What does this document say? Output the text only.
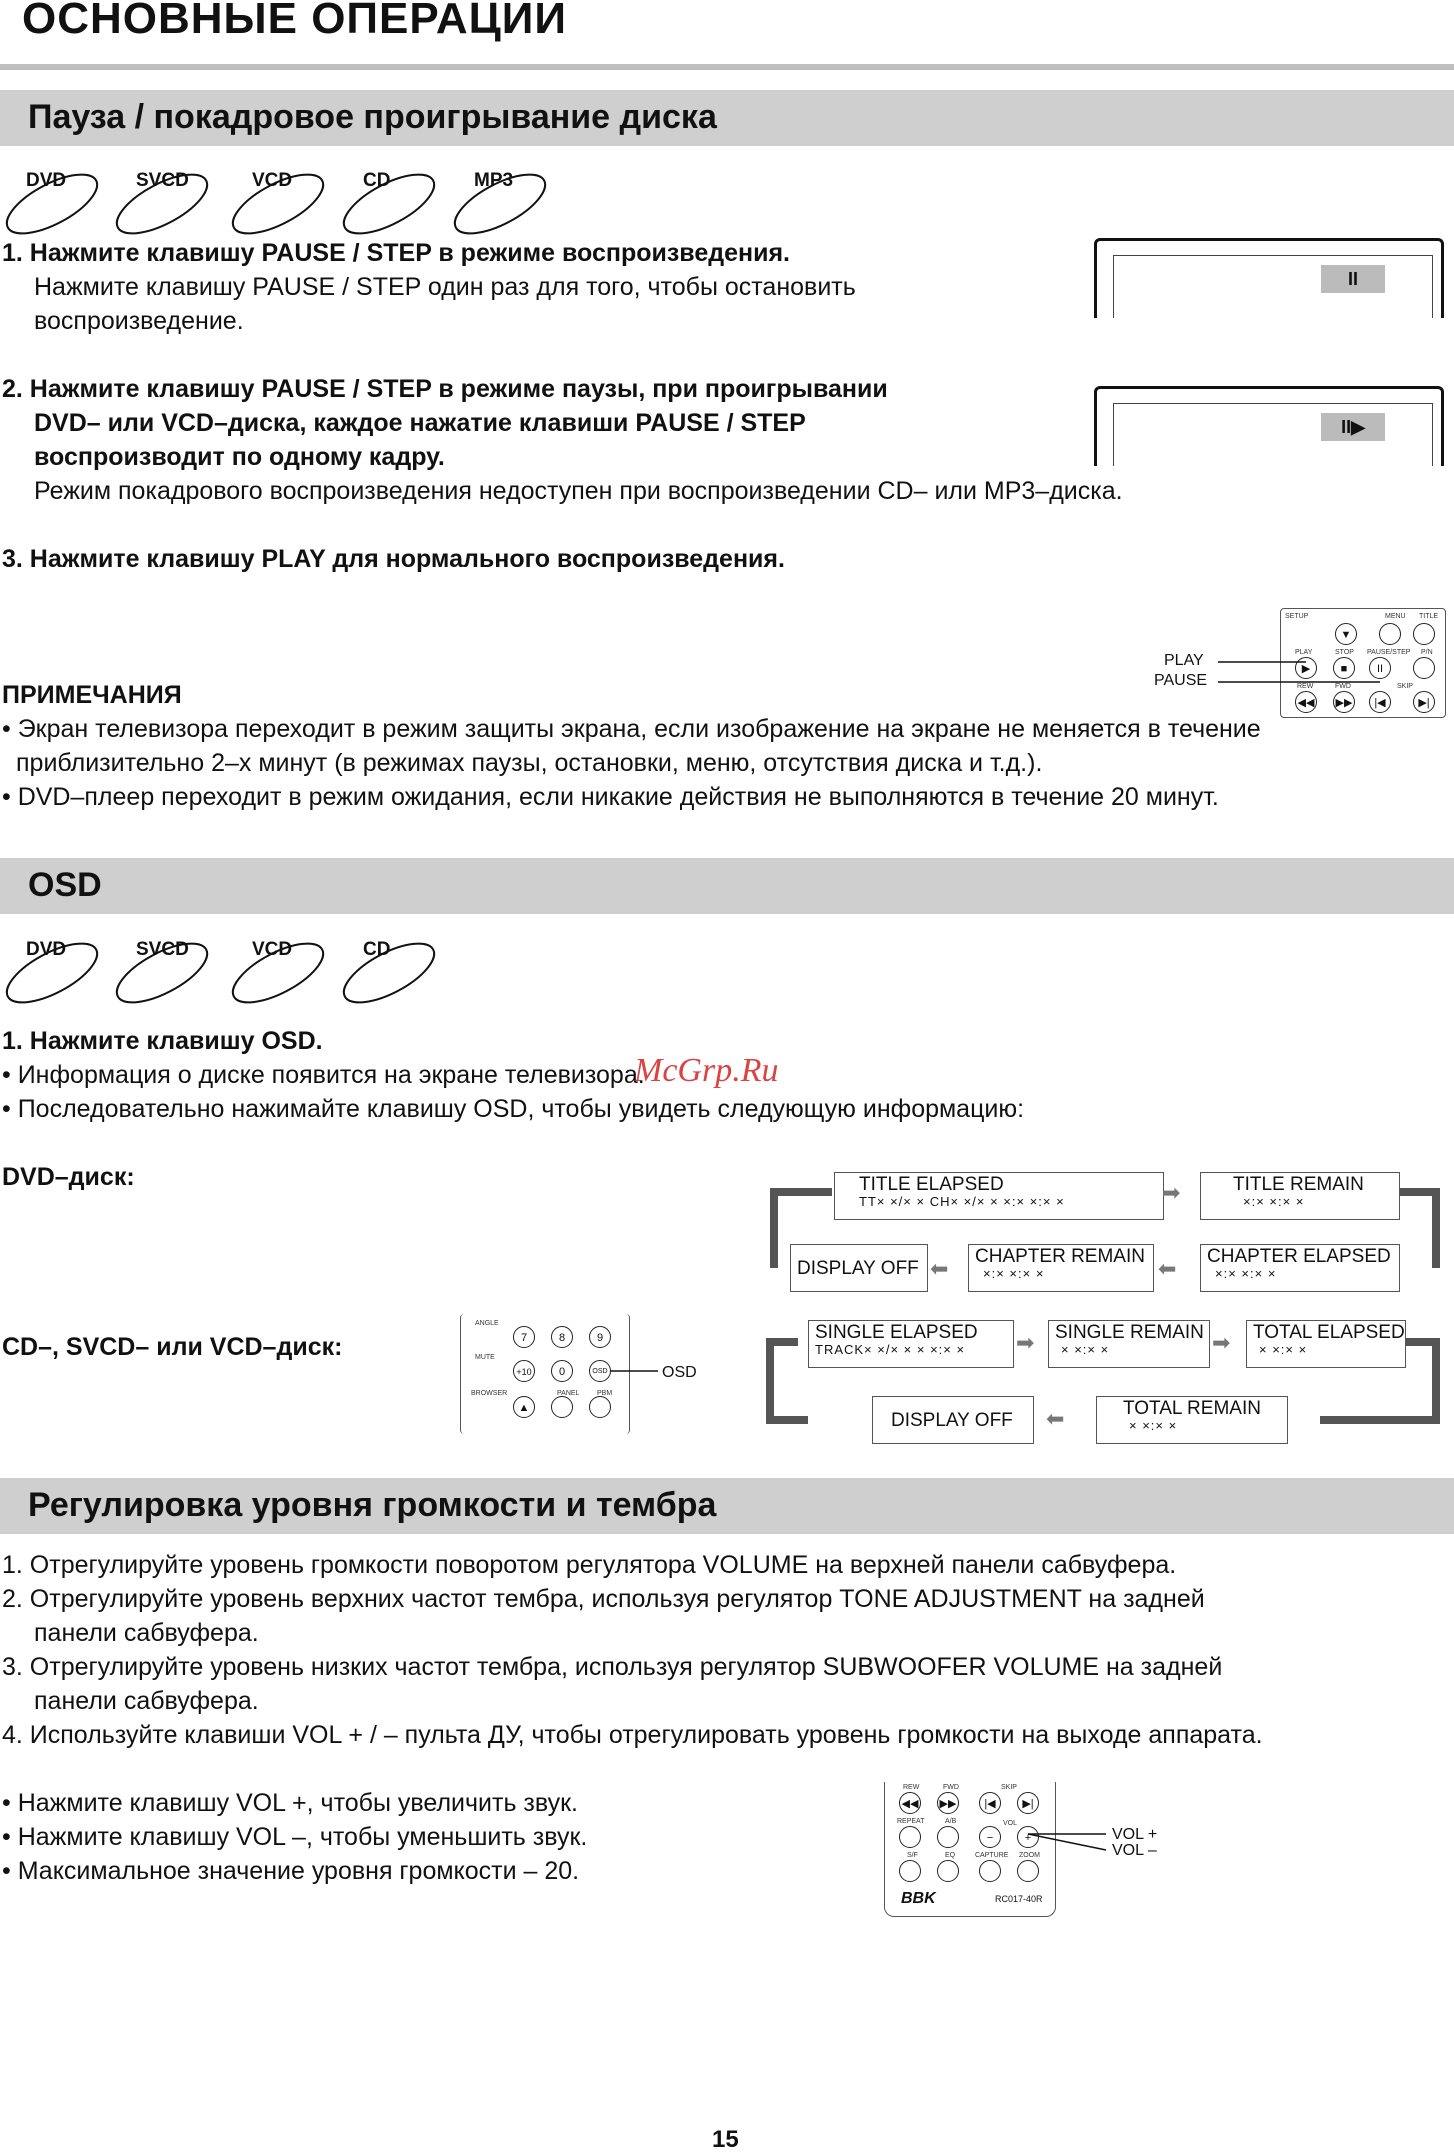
ОСНОВНЫЕ ОПЕРАЦИИ
Пауза / покадровое проигрывание диска
DVD	SVCD	VCD	CD	MP3
1. Нажмите клавишу PAUSE / STEP в режиме воспроизведения.
Нажмите клавишу PAUSE / STEP один раз для того, чтобы остановить
воспроизведение.
II
2. Нажмите клавишу PAUSE / STEP в режиме паузы, при проигрывании
DVD– или VCD–диска, каждое нажатие клавиши PAUSE / STEP
воспроизводит по одному кадру.
Режим покадрового воспроизведения недоступен при воспроизведении CD– или MP3–диска.
II▶
3. Нажмите клавишу PLAY для нормального воспроизведения.
SETUP	MENU TITLE
▼
PLAY	STOP PAUSE/STEP P/N
▶	■	II
REW	FWD	SKIP
◀◀ ▶▶	|◀	▶|
PLAY
PAUSE
ПРИМЕЧАНИЯ
• Экран телевизора переходит в режим защиты экрана, если изображение на экране не меняется в течение
приблизительно 2–х минут (в режимах паузы, остановки, меню, отсутствия диска и т.д.).
• DVD–плеер переходит в режим ожидания, если никакие действия не выполняются в течение 20 минут.
OSD
DVD	SVCD	VCD	CD
1. Нажмите клавишу OSD.
• Информация о диске появится на экране телевизора.
• Последовательно нажимайте клавишу OSD, чтобы увидеть следующую информацию:
McGrp.Ru
DVD–диск:	TITLE ELAPSED
TT× ×/× × CH× ×/× × ×:× ×:× ×	➡	TITLE REMAIN
×:× ×:× ×
DISPLAY OFF ⬅ CHAPTER REMAIN
×:× ×:× ×	⬅ CHAPTER ELAPSED
×:× ×:× ×
CD–, SVCD– или VCD–диск:
ANGLE
7	8	9
MUTE
+10	0	OSD
BROWSER	PANEL	PBM
▲
OSD
SINGLE ELAPSED
TRACK× ×/× × × ×:× ×	➡ SINGLE REMAIN
× ×:× ×	➡ TOTAL ELAPSED
× ×:× ×
DISPLAY OFF	⬅	TOTAL REMAIN
× ×:× ×
Регулировка уровня громкости и тембра
1. Отрегулируйте уровень громкости поворотом регулятора VOLUME на верхней панели сабвуфера.
2. Отрегулируйте уровень верхних частот тембра, используя регулятор TONE ADJUSTMENT на задней
панели сабвуфера.
3. Отрегулируйте уровень низких частот тембра, используя регулятор SUBWOOFER VOLUME на задней
панели сабвуфера.
4. Используйте клавиши VOL + / – пульта ДУ, чтобы отрегулировать уровень громкости на выходе аппарата.
• Нажмите клавишу VOL +, чтобы увеличить звук.
• Нажмите клавишу VOL –, чтобы уменьшить звук.
• Максимальное значение уровня громкости – 20.
REW	FWD	SKIP
◀◀ ▶▶	|◀	▶|
REPEAT	A/B	VOL
−	+
S/F	EQ	CAPTURE ZOOM
BBK	RC017-40R
VOL +
VOL –
15
